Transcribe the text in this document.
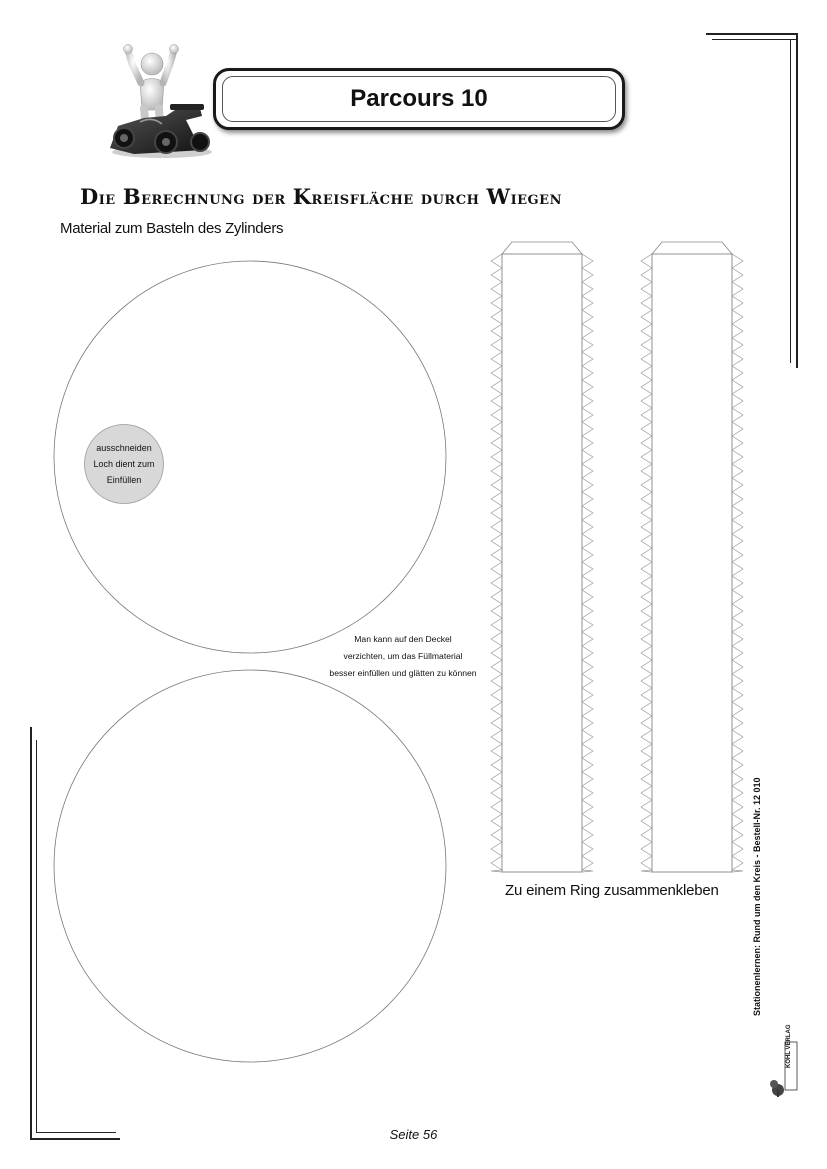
Parcours 10
Die Berechnung der Kreisfläche durch Wiegen
Material zum Basteln des Zylinders
ausschneiden
Loch dient zum
Einfüllen
Man kann auf den Deckel
verzichten, um das Füllmaterial
besser einfüllen und glätten zu können
Zu einem Ring zusammenkleben	Stationenlernen: Rund um den Kreis - Bestell-Nr. 12 010
KOHL VERLAG
Seite 56
